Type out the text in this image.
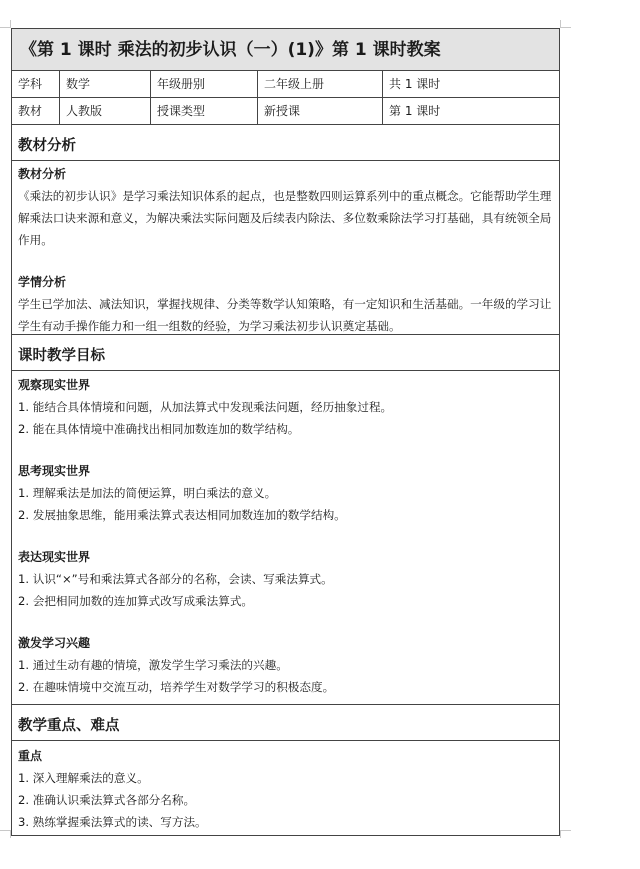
《第 1 课时 乘法的初步认识（一）(1)》第 1 课时教案
学科	数学	年级册别	二年级上册	共 1 课时
教材	人教版	授课类型	新授课	第 1 课时
教材分析
教材分析
《乘法的初步认识》是学习乘法知识体系的起点，也是整数四则运算系列中的重点概念。它能帮助学生理解乘法口诀来源和意义，为解决乘法实际问题及后续表内除法、多位数乘除法学习打基础，具有统领全局作用。
学情分析
学生已学加法、减法知识，掌握找规律、分类等数学认知策略，有一定知识和生活基础。一年级的学习让学生有动手操作能力和一组一组数的经验，为学习乘法初步认识奠定基础。
课时教学目标
观察现实世界
1. 能结合具体情境和问题，从加法算式中发现乘法问题，经历抽象过程。
2. 能在具体情境中准确找出相同加数连加的数学结构。
思考现实世界
1. 理解乘法是加法的简便运算，明白乘法的意义。
2. 发展抽象思维，能用乘法算式表达相同加数连加的数学结构。
表达现实世界
1. 认识“×”号和乘法算式各部分的名称，会读、写乘法算式。
2. 会把相同加数的连加算式改写成乘法算式。
激发学习兴趣
1. 通过生动有趣的情境，激发学生学习乘法的兴趣。
2. 在趣味情境中交流互动，培养学生对数学学习的积极态度。
教学重点、难点
重点
1. 深入理解乘法的意义。
2. 准确认识乘法算式各部分名称。
3. 熟练掌握乘法算式的读、写方法。
